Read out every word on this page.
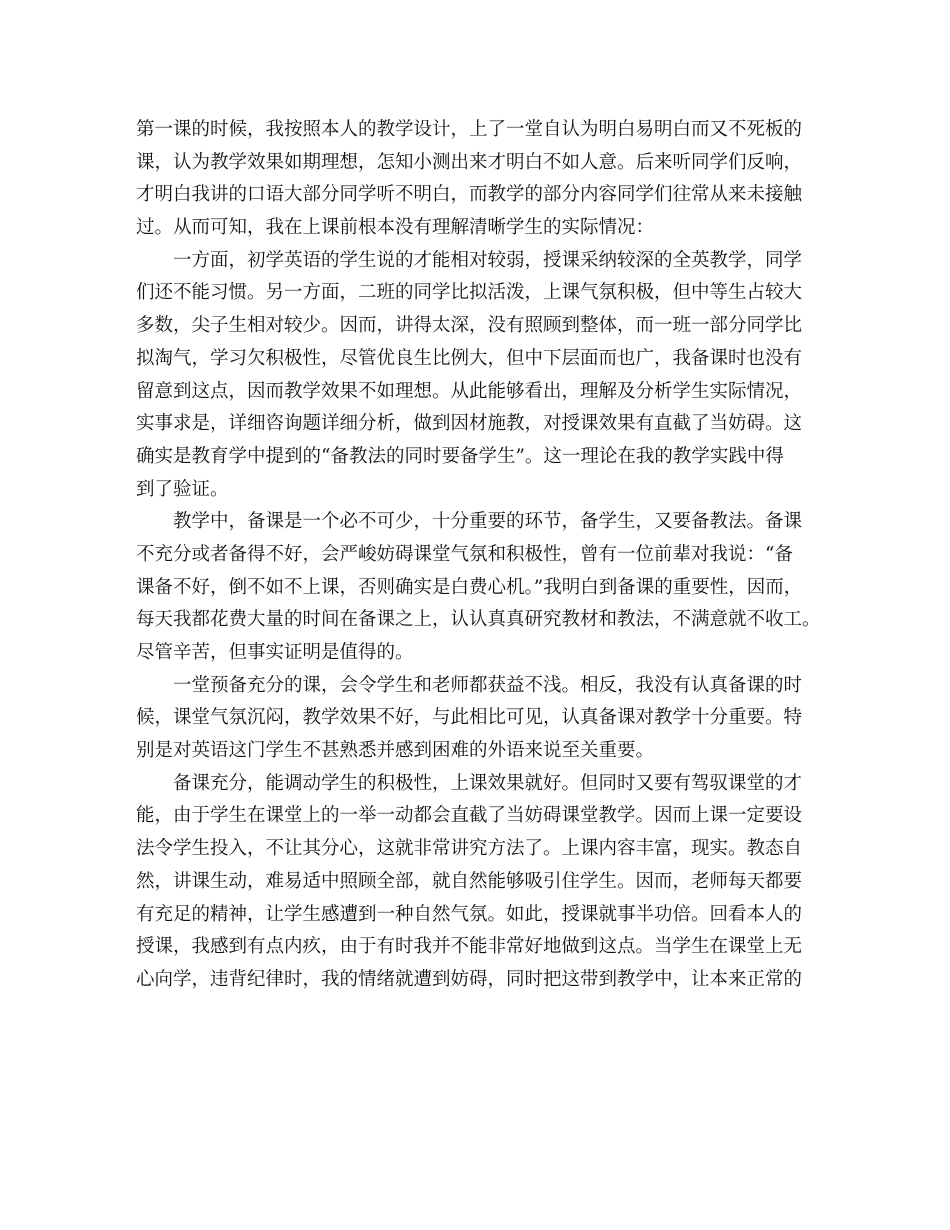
第一课的时候，我按照本人的教学设计，上了一堂自认为明白易明白而又不死板的
课，认为教学效果如期理想，怎知小测出来才明白不如人意。后来听同学们反响，
才明白我讲的口语大部分同学听不明白，而教学的部分内容同学们往常从来未接触
过。从而可知，我在上课前根本没有理解清晰学生的实际情况：
一方面，初学英语的学生说的才能相对较弱，授课采纳较深的全英教学，同学
们还不能习惯。另一方面，二班的同学比拟活泼，上课气氛积极，但中等生占较大
多数，尖子生相对较少。因而，讲得太深，没有照顾到整体，而一班一部分同学比
拟淘气，学习欠积极性，尽管优良生比例大，但中下层面而也广，我备课时也没有
留意到这点，因而教学效果不如理想。从此能够看出，理解及分析学生实际情况，
实事求是，详细咨询题详细分析，做到因材施教，对授课效果有直截了当妨碍。这
确实是教育学中提到的“备教法的同时要备学生”。这一理论在我的教学实践中得
到了验证。
教学中，备课是一个必不可少，十分重要的环节，备学生，又要备教法。备课
不充分或者备得不好，会严峻妨碍课堂气氛和积极性，曾有一位前辈对我说：“备
课备不好，倒不如不上课，否则确实是白费心机。”我明白到备课的重要性，因而，
每天我都花费大量的时间在备课之上，认认真真研究教材和教法，不满意就不收工。
尽管辛苦，但事实证明是值得的。
一堂预备充分的课，会令学生和老师都获益不浅。相反，我没有认真备课的时
候，课堂气氛沉闷，教学效果不好，与此相比可见，认真备课对教学十分重要。特
别是对英语这门学生不甚熟悉并感到困难的外语来说至关重要。
备课充分，能调动学生的积极性，上课效果就好。但同时又要有驾驭课堂的才
能，由于学生在课堂上的一举一动都会直截了当妨碍课堂教学。因而上课一定要设
法令学生投入，不让其分心，这就非常讲究方法了。上课内容丰富，现实。教态自
然，讲课生动，难易适中照顾全部，就自然能够吸引住学生。因而，老师每天都要
有充足的精神，让学生感遭到一种自然气氛。如此，授课就事半功倍。回看本人的
授课，我感到有点内疚，由于有时我并不能非常好地做到这点。当学生在课堂上无
心向学，违背纪律时，我的情绪就遭到妨碍，同时把这带到教学中，让本来正常的
